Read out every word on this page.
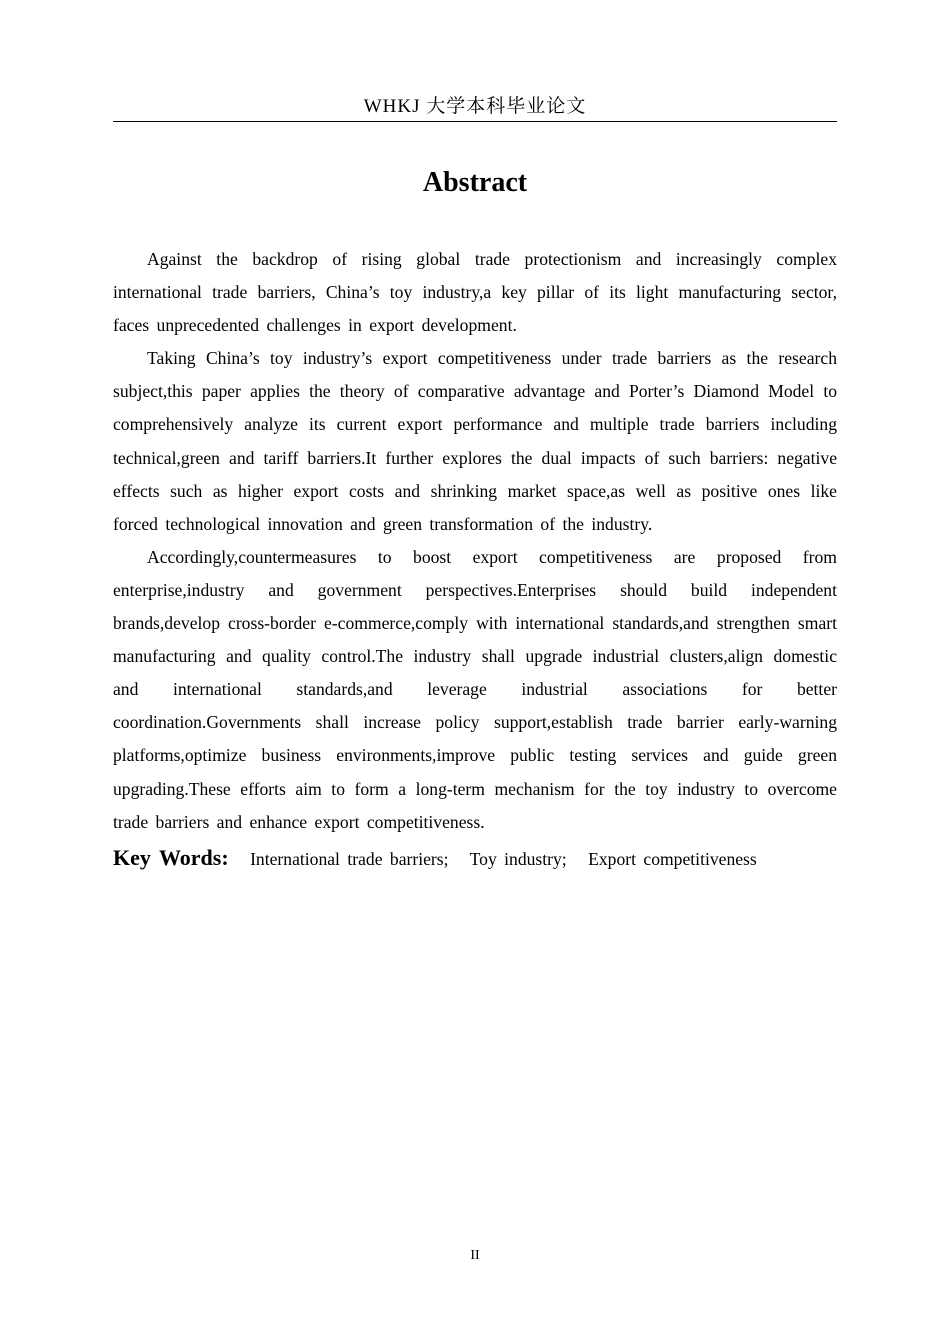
WHKJ 大学本科毕业论文
Abstract

Against the backdrop of rising global trade protectionism and increasingly complex international trade barriers, China’s toy industry,a key pillar of its light manufacturing sector, faces unprecedented challenges in export development.

Taking China’s toy industry’s export competitiveness under trade barriers as the research subject,this paper applies the theory of comparative advantage and Porter’s Diamond Model to comprehensively analyze its current export performance and multiple trade barriers including technical,green and tariff barriers.It further explores the dual impacts of such barriers: negative effects such as higher export costs and shrinking market space,as well as positive ones like forced technological innovation and green transformation of the industry.

Accordingly,countermeasures to boost export competitiveness are proposed from enterprise,industry and government perspectives.Enterprises should build independent brands,develop cross-border e-commerce,comply with international standards,and strengthen smart manufacturing and quality control.The industry shall upgrade industrial clusters,align domestic and international standards,and leverage industrial associations for better coordination.Governments shall increase policy support,establish trade barrier early-warning platforms,optimize business environments,improve public testing services and guide green upgrading.These efforts aim to form a long-term mechanism for the toy industry to overcome trade barriers and enhance export competitiveness.

Key Words: International trade barriers; Toy industry; Export competitiveness

II
